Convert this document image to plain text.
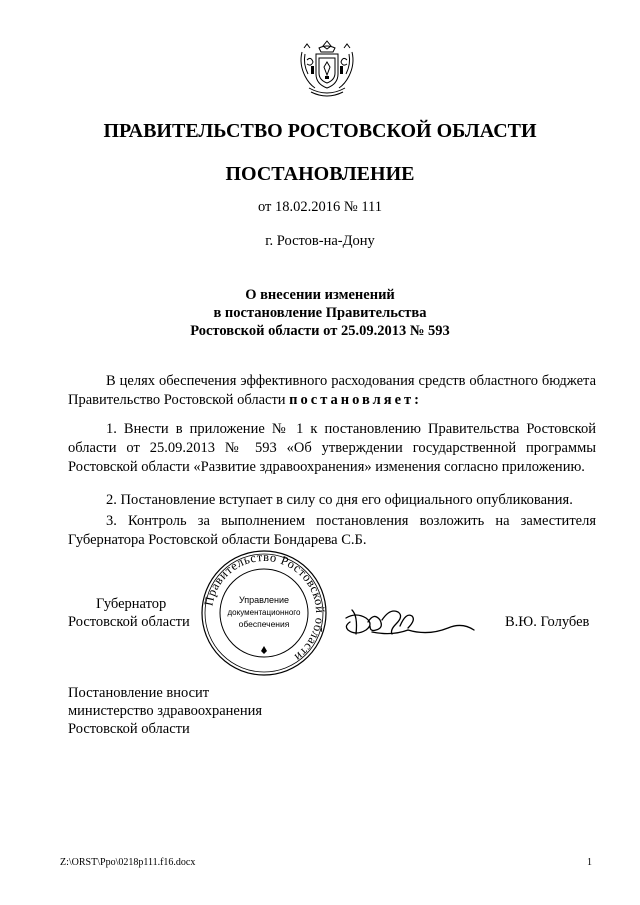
ПРАВИТЕЛЬСТВО РОСТОВСКОЙ ОБЛАСТИ
ПОСТАНОВЛЕНИЕ
от 18.02.2016 № 111
г. Ростов-на-Дону
О внесении изменений
в постановление Правительства
Ростовской области от 25.09.2013 № 593
В целях обеспечения эффективного расходования средств областного бюджета Правительство Ростовской области постановляет:
1. Внести в приложение № 1 к постановлению Правительства Ростовской области от 25.09.2013 № 593 «Об утверждении государственной программы Ростовской области «Развитие здравоохранения» изменения согласно приложению.
2. Постановление вступает в силу со дня его официального опубликования.
3. Контроль за выполнением постановления возложить на заместителя Губернатора Ростовской области Бондарева С.Б.
Губернатор
Ростовской области
Правительство Ростовской области
Управление
документационного
обеспечения	В.Ю. Голубев
Постановление вносит
министерство здравоохранения
Ростовской области
Z:\ORST\Ppo\0218p111.f16.docx	1
